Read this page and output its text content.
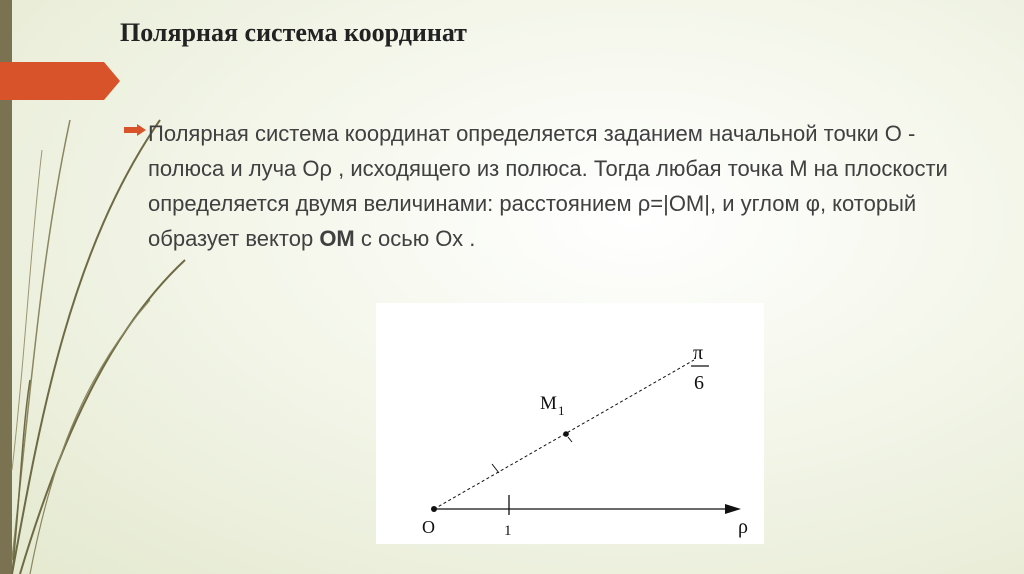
Полярная система координат

Полярная система координат определяется заданием начальной точки О - полюса и луча Оρ , исходящего из полюса. Тогда любая точка М на плоскости определяется двумя величинами: расстоянием ρ=|ОМ|, и углом φ, который образует вектор ОМ с осью Ох .

O	1	ρ
M 1
π
6
